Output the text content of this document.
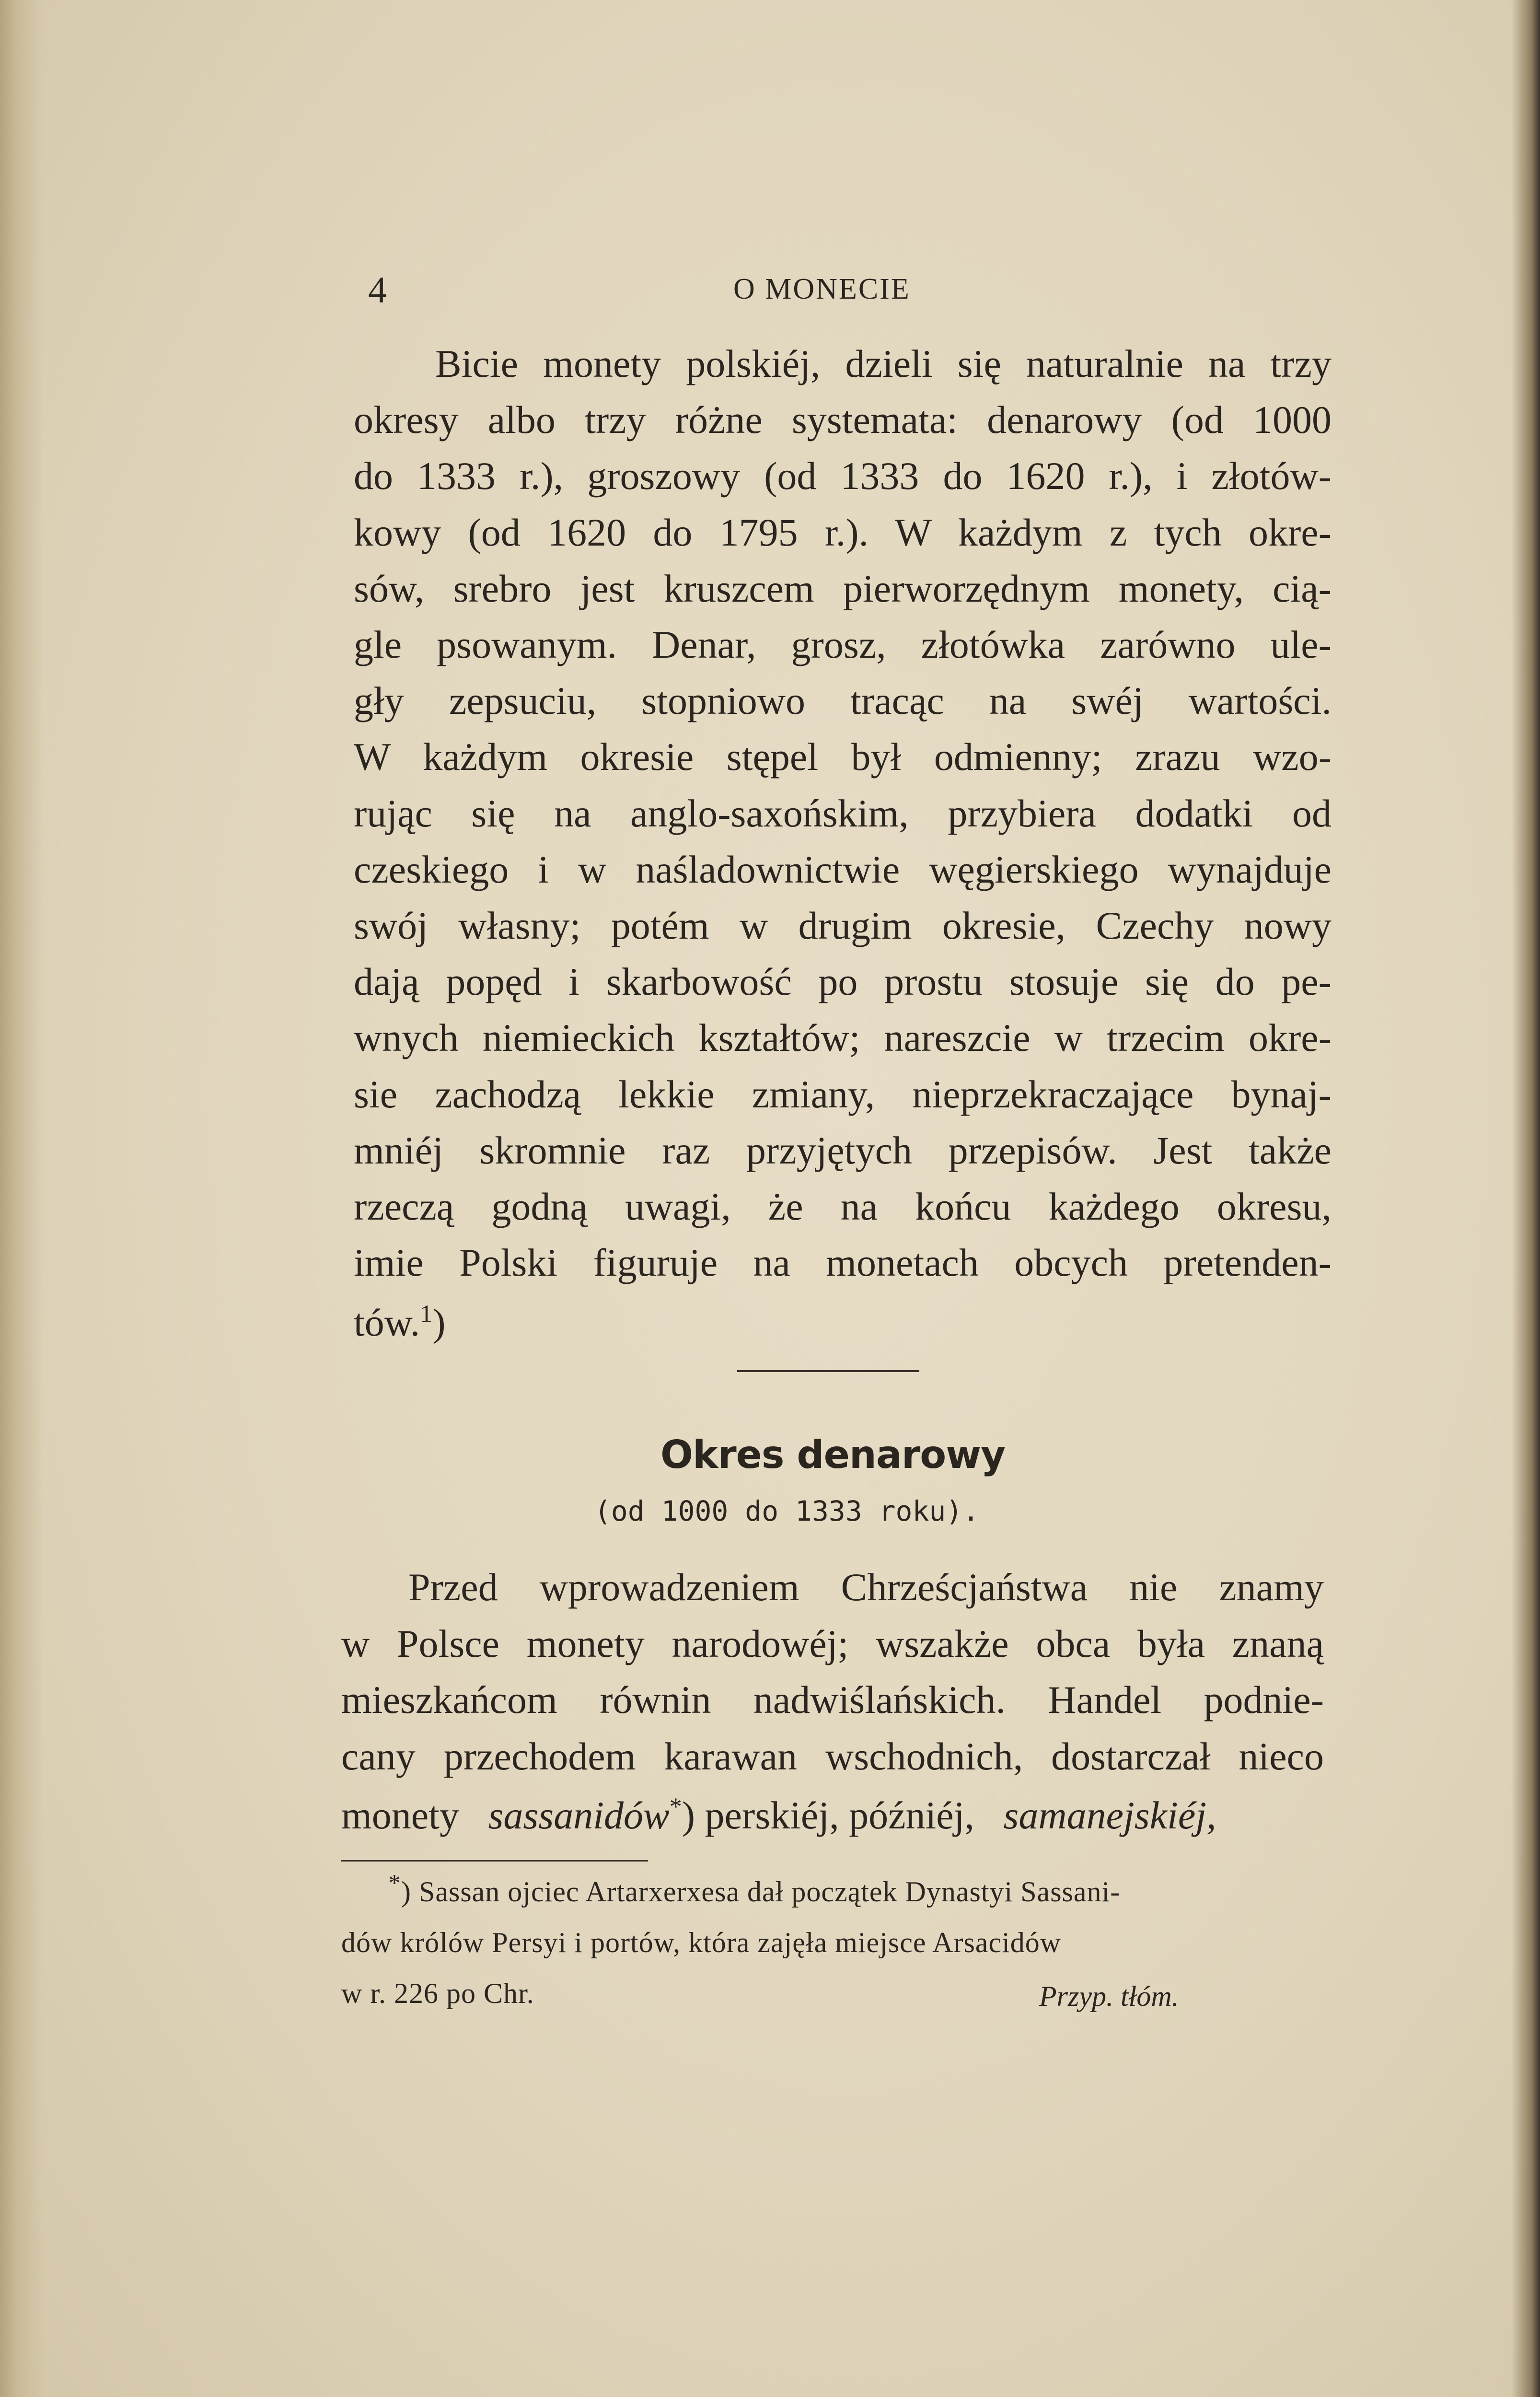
4	O MONECIE
Bicie monety polskiéj, dzieli się naturalnie na trzy
okresy albo trzy różne systemata: denarowy (od 1000
do 1333 r.), groszowy (od 1333 do 1620 r.), i złotów-
kowy (od 1620 do 1795 r.). W każdym z tych okre-
sów, srebro jest kruszcem pierworzędnym monety, cią-
gle psowanym. Denar, grosz, złotówka zarówno ule-
gły zepsuciu, stopniowo tracąc na swéj wartości.
W każdym okresie stępel był odmienny; zrazu wzo-
rując się na anglo-saxońskim, przybiera dodatki od
czeskiego i w naśladownictwie węgierskiego wynajduje
swój własny; potém w drugim okresie, Czechy nowy
dają popęd i skarbowość po prostu stosuje się do pe-
wnych niemieckich kształtów; nareszcie w trzecim okre-
sie zachodzą lekkie zmiany, nieprzekraczające bynaj-
mniéj skromnie raz przyjętych przepisów. Jest także
rzeczą godną uwagi, że na końcu każdego okresu,
imie Polski figuruje na monetach obcych pretenden-
tów.$^1$)
Okres denarowy
(od 1000 do 1333 roku).
Przed wprowadzeniem Chrześcjaństwa nie znamy
w Polsce monety narodowéj; wszakże obca była znaną
mieszkańcom równin nadwiślańskich. Handel podnie-
cany przechodem karawan wschodnich, dostarczał nieco
monety sassanidów*) perskiéj, późniéj, samanejskiéj,
*) Sassan ojciec Artarxerxesa dał początek Dynastyi Sassani-
dów królów Persyi i portów, która zajęła miejsce Arsacidów
w r. 226 po Chr.	Przyp. tłóm.
